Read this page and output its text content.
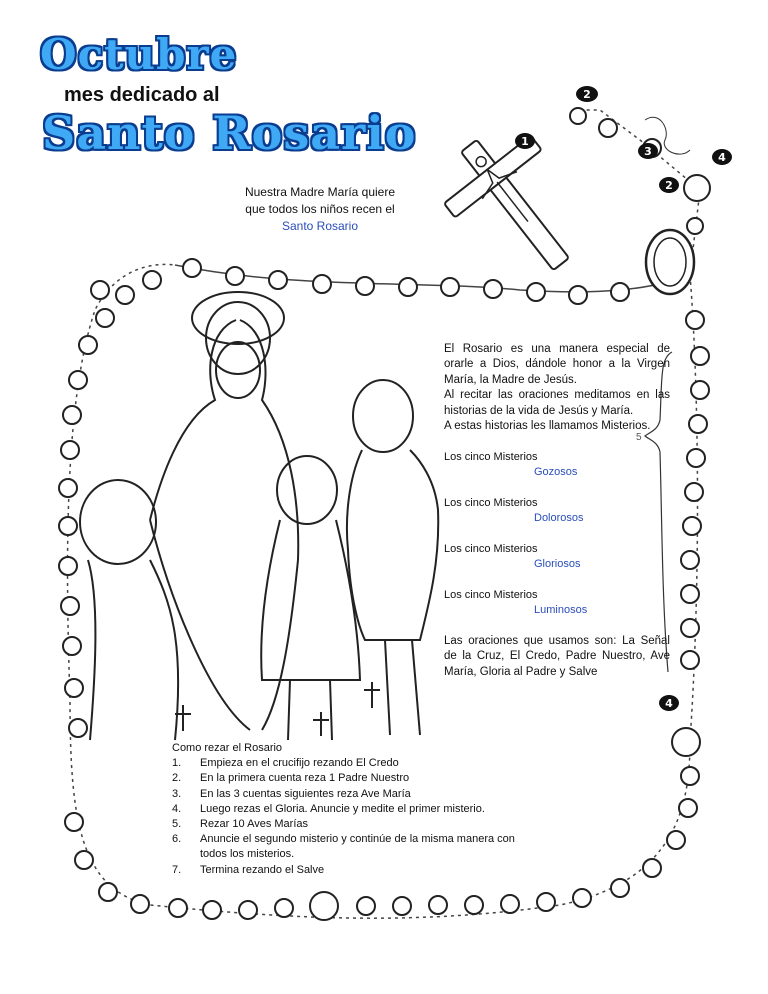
Octubre
mes dedicado al
Santo Rosario	1
2
3	4
2
4
Nuestra Madre María quiere
que todos los niños recen el
Santo Rosario
El Rosario es una manera especial de orarle a Dios, dándole honor a la Virgen María, la Madre de Jesús.
Al recitar las oraciones meditamos en las historias de la vida de Jesús y María.
A estas historias les llamamos Misterios.
5
Los cinco Misterios
Gozosos
Los cinco Misterios
Dolorosos
Los cinco Misterios
Gloriosos
Los cinco Misterios
Luminosos
Las oraciones que usamos son: La Señal de la Cruz, El Credo, Padre Nuestro, Ave María, Gloria al Padre y Salve
Como rezar el Rosario
1.	Empieza en el crucifijo rezando El Credo
2.	En la primera cuenta reza 1 Padre Nuestro
3.	En las 3 cuentas siguientes reza Ave María
4.	Luego rezas el Gloria. Anuncie y medite el primer misterio.
5.	Rezar 10 Aves Marías
6.	Anuncie el segundo misterio y continúe de la misma manera con todos los misterios.
7.	Termina rezando el Salve
